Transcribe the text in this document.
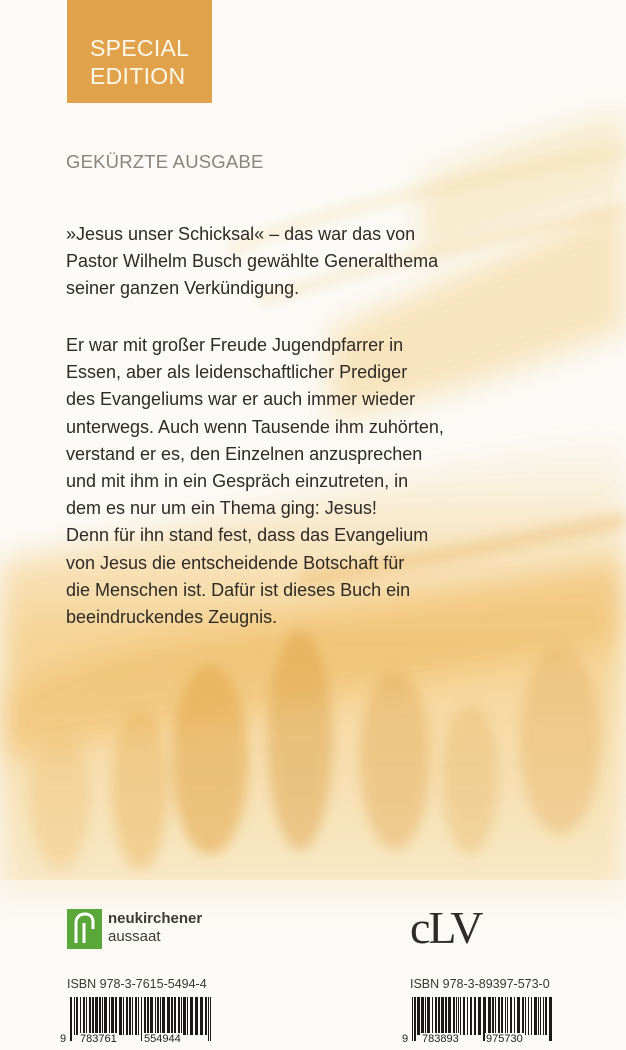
SPECIAL
EDITION
GEKÜRZTE AUSGABE

»Jesus unser Schicksal« – das war das von
Pastor Wilhelm Busch gewählte Generalthema
seiner ganzen Verkündigung.

Er war mit großer Freude Jugendpfarrer in
Essen, aber als leidenschaftlicher Prediger
des Evangeliums war er auch immer wieder
unterwegs. Auch wenn Tausende ihm zuhörten,
verstand er es, den Einzelnen anzusprechen
und mit ihm in ein Gespräch einzutreten, in
dem es nur um ein Thema ging: Jesus!
Denn für ihn stand fest, dass das Evangelium
von Jesus die entscheidende Botschaft für
die Menschen ist. Dafür ist dieses Buch ein
beeindruckendes Zeugnis.

neukirchener
aussaat	cLV
ISBN 978-3-7615-5494-4	ISBN 978-3-89397-573-0
9 783761 554944	9 783893 975730
